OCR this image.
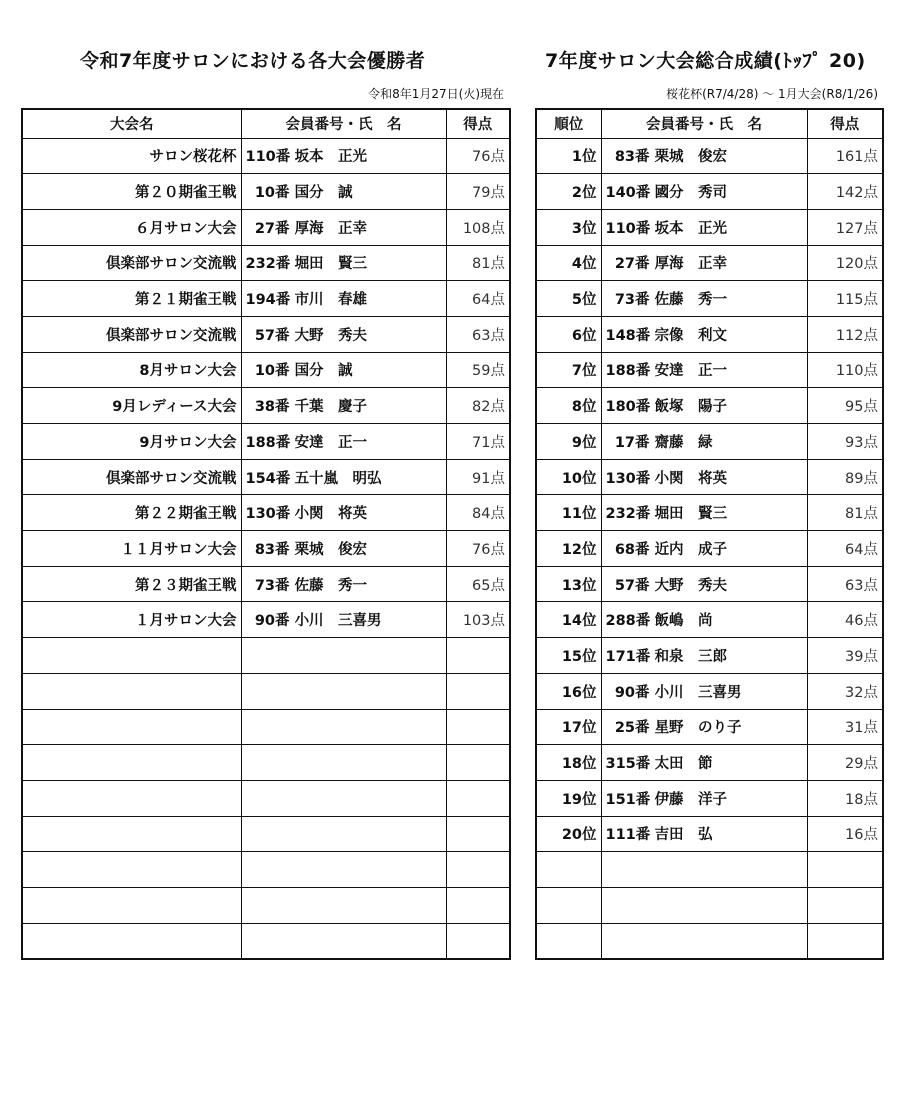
令和7年度サロンにおける各大会優勝者
令和8年1月27日(火)現在
7年度サロン大会総合成績(ﾄｯﾌﾟ 20)
桜花杯(R7/4/28) ～ 1月大会(R8/1/26)
大会名	会員番号・氏　名	得点
サロン桜花杯	110番 坂本　正光	76点
第２０期雀王戦	10番 国分　誠	79点
６月サロン大会	27番 厚海　正幸	108点
倶楽部サロン交流戦	232番 堀田　賢三	81点
第２１期雀王戦	194番 市川　春雄	64点
倶楽部サロン交流戦	57番 大野　秀夫	63点
8月サロン大会	10番 国分　誠	59点
9月レディース大会	38番 千葉　慶子	82点
9月サロン大会	188番 安達　正一	71点
倶楽部サロン交流戦	154番 五十嵐　明弘	91点
第２２期雀王戦	130番 小関　将英	84点
１１月サロン大会	83番 栗城　俊宏	76点
第２３期雀王戦	73番 佐藤　秀一	65点
１月サロン大会	90番 小川　三喜男	103点

順位	会員番号・氏　名	得点
1位	83番 栗城　俊宏	161点
2位	140番 國分　秀司	142点
3位	110番 坂本　正光	127点
4位	27番 厚海　正幸	120点
5位	73番 佐藤　秀一	115点
6位	148番 宗像　利文	112点
7位	188番 安達　正一	110点
8位	180番 飯塚　陽子	95点
9位	17番 齋藤　緑	93点
10位	130番 小関　将英	89点
11位	232番 堀田　賢三	81点
12位	68番 近内　成子	64点
13位	57番 大野　秀夫	63点
14位	288番 飯嶋　尚	46点
15位	171番 和泉　三郎	39点
16位	90番 小川　三喜男	32点
17位	25番 星野　のり子	31点
18位	315番 太田　節	29点
19位	151番 伊藤　洋子	18点
20位	111番 吉田　弘	16点
